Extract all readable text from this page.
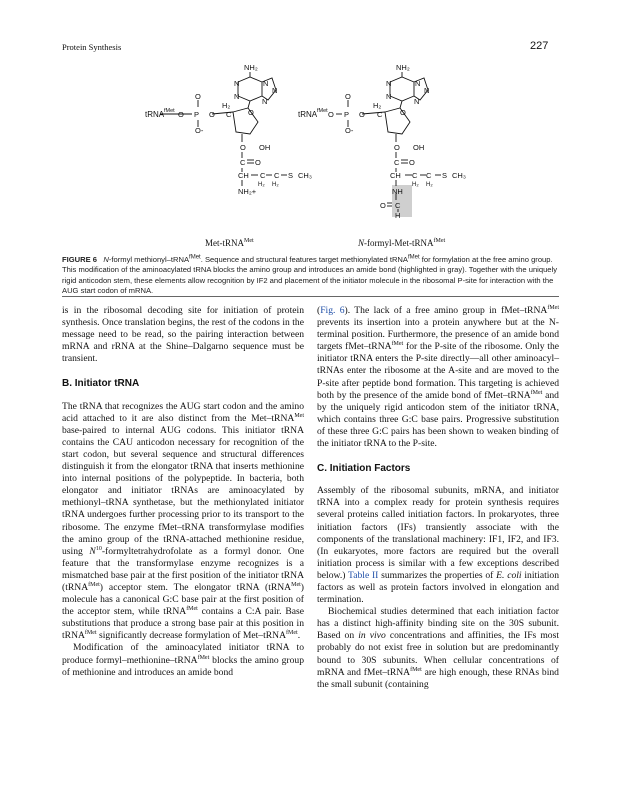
Protein Synthesis	227
NH₂
N	N
N
N
N
H₂
C O
O
P
O	O
O-
O OH
C O
CH C C S CH₃
H₂ H₂
NH₂+
tRNA fMet
NH₂
N	N
N
N
N
H₂
C O
O
P
O	O
O-
O OH
C O
CH C C S CH₃
H₂ H₂
NH
O C
H
tRNA fMet
Met-tRNA$^{Met}$	N-formyl-Met-tRNA$^{fMet}$
FIGURE 6 N-formyl methionyl–tRNA$^{fMet}$. Sequence and structural features target methionylated tRNA$^{fMet}$ for formylation at the free amino group. This modification of the aminoacylated tRNA blocks the amino group and introduces an amide bond (highlighted in gray). Together with the uniquely rigid anticodon stem, these elements allow recognition by IF2 and placement of the initiator molecule in the ribosomal P-site for interaction with the AUG start codon of mRNA.

is in the ribosomal decoding site for initiation of protein synthesis. Once translation begins, the rest of the codons in the message need to be read, so the pairing interaction between mRNA and rRNA at the Shine–Dalgarno sequence must be transient.

B. Initiator tRNA

The tRNA that recognizes the AUG start codon and the amino acid attached to it are also distinct from the Met–tRNA$^{Met}$ base-paired to internal AUG codons. This initiator tRNA contains the CAU anticodon necessary for recognition of the start codon, but several sequence and structural differences distinguish it from the elongator tRNA that inserts methionine into internal positions of the polypeptide. In bacteria, both elongator and initiator tRNAs are aminoacylated by methionyl–tRNA synthetase, but the methionylated initiator tRNA undergoes further processing prior to its transport to the ribosome. The enzyme fMet–tRNA transformylase modifies the amino group of the tRNA-attached methionine residue, using $N^{10}$-formyltetrahydrofolate as a formyl donor. One feature that the transformylase enzyme recognizes is a mismatched base pair at the first position of the initiator tRNA (tRNA$^{fMet}$) acceptor stem. The elongator tRNA (tRNA$^{Met}$) molecule has a canonical G:C base pair at the first position of the acceptor stem, while tRNA$^{fMet}$ contains a C:A pair. Base substitutions that produce a strong base pair at this position in tRNA$^{fMet}$ significantly decrease formylation of Met–tRNA$^{fMet}$.

Modification of the aminoacylated initiator tRNA to produce formyl–methionine–tRNA$^{fMet}$ blocks the amino group of methionine and introduces an amide bond

(Fig. 6). The lack of a free amino group in fMet–tRNA$^{fMet}$ prevents its insertion into a protein anywhere but at the N-terminal position. Furthermore, the presence of an amide bond targets fMet–tRNA$^{fMet}$ for the P-site of the ribosome. Only the initiator tRNA enters the P-site directly—all other aminoacyl–tRNAs enter the ribosome at the A-site and are moved to the P-site after peptide bond formation. This targeting is achieved both by the presence of the amide bond of fMet–tRNA$^{fMet}$ and by the uniquely rigid anticodon stem of the initiator tRNA, which contains three G:C base pairs. Progressive substitution of these three G:C pairs has been shown to weaken binding of the initiator tRNA to the P-site.

C. Initiation Factors

Assembly of the ribosomal subunits, mRNA, and initiator tRNA into a complex ready for protein synthesis requires several proteins called initiation factors. In prokaryotes, three initiation factors (IFs) transiently associate with the components of the translational machinery: IF1, IF2, and IF3. (In eukaryotes, more factors are required but the overall initiation process is similar with a few exceptions described below.) Table II summarizes the properties of E. coli initiation factors as well as protein factors involved in elongation and termination.

Biochemical studies determined that each initiation factor has a distinct high-affinity binding site on the 30S subunit. Based on in vivo concentrations and affinities, the IFs most probably do not exist free in solution but are predominantly bound to 30S subunits. When cellular concentrations of mRNA and fMet–tRNA$^{fMet}$ are high enough, these RNAs bind the small subunit (containing
